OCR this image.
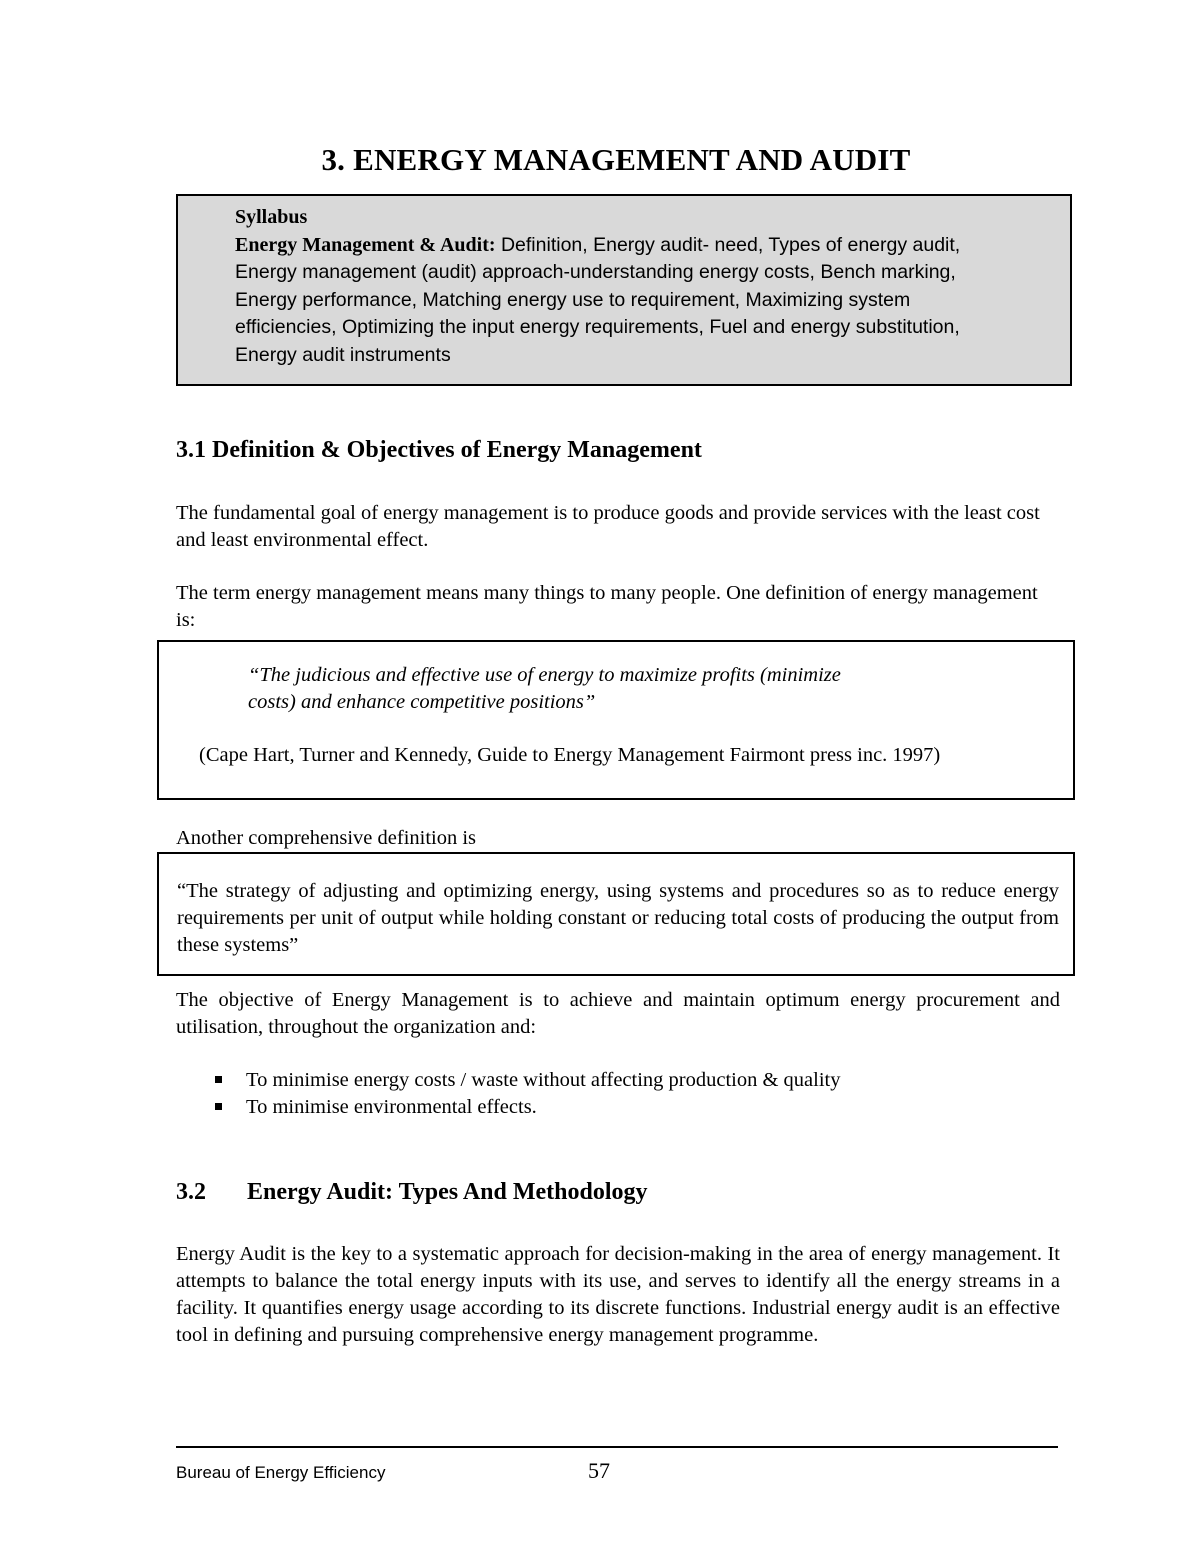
3. ENERGY MANAGEMENT AND AUDIT
Syllabus
Energy Management & Audit: Definition, Energy audit- need, Types of energy audit,
Energy management (audit) approach-understanding energy costs, Bench marking,
Energy performance, Matching energy use to requirement, Maximizing system
efficiencies, Optimizing the input energy requirements, Fuel and energy substitution,
Energy audit instruments
3.1 Definition & Objectives of Energy Management

The fundamental goal of energy management is to produce goods and provide services with the least cost and least environmental effect.

The term energy management means many things to many people. One definition of energy management is:

“The judicious and effective use of energy to maximize profits (minimize
costs) and enhance competitive positions”
(Cape Hart, Turner and Kennedy, Guide to Energy Management Fairmont press inc. 1997)

Another comprehensive definition is

“The strategy of adjusting and optimizing energy, using systems and procedures so as to reduce energy requirements per unit of output while holding constant or reducing total costs of producing the output from these systems”

The objective of Energy Management is to achieve and maintain optimum energy procurement and utilisation, throughout the organization and:

To minimise energy costs / waste without affecting production & quality
To minimise environmental effects.
3.2 Energy Audit: Types And Methodology

Energy Audit is the key to a systematic approach for decision-making in the area of energy management. It attempts to balance the total energy inputs with its use, and serves to identify all the energy streams in a facility. It quantifies energy usage according to its discrete functions. Industrial energy audit is an effective tool in defining and pursuing comprehensive energy management programme.

Bureau of Energy Efficiency	57
